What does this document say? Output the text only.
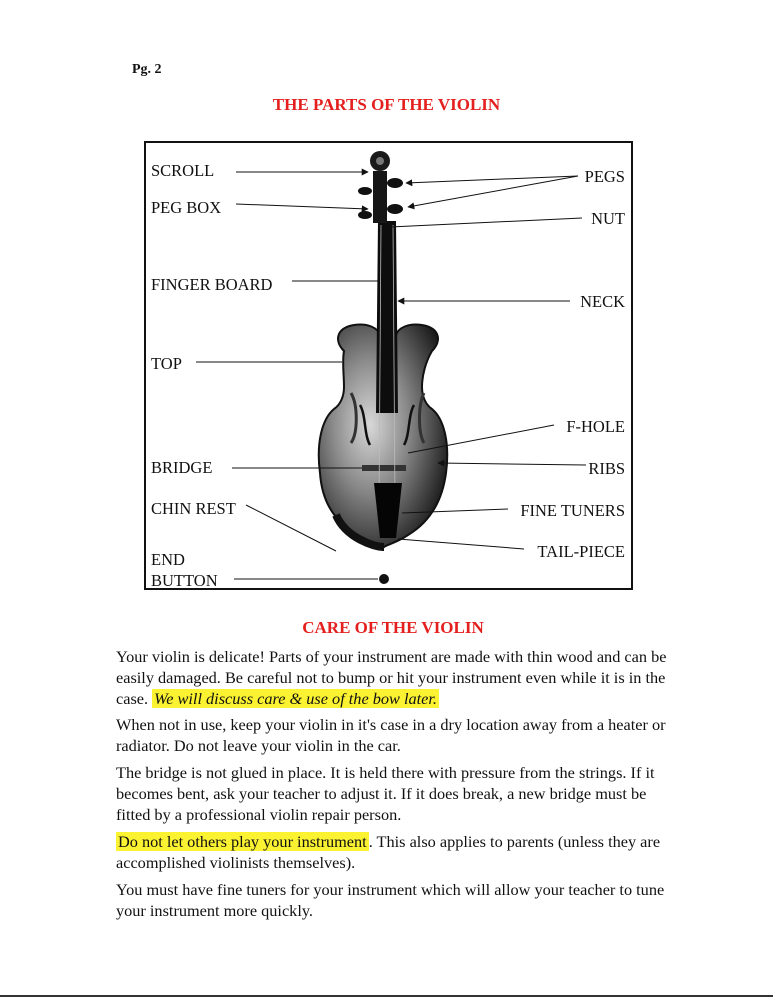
Pg. 2
THE PARTS OF THE VIOLIN
SCROLL
PEG BOX
FINGER BOARD
TOP
BRIDGE
CHIN REST
END
BUTTON
PEGS
NUT
NECK
F-HOLE
RIBS
FINE TUNERS
TAIL-PIECE
CARE OF THE VIOLIN

Your violin is delicate! Parts of your instrument are made with thin wood and can be easily damaged. Be careful not to bump or hit your instrument even while it is in the case. We will discuss care & use of the bow later.

When not in use, keep your violin in it's case in a dry location away from a heater or radiator. Do not leave your violin in the car.

The bridge is not glued in place. It is held there with pressure from the strings. If it becomes bent, ask your teacher to adjust it. If it does break, a new bridge must be fitted by a professional violin repair person.

Do not let others play your instrument . This also applies to parents (unless they are accomplished violinists themselves).

You must have fine tuners for your instrument which will allow your teacher to tune your instrument more quickly.
